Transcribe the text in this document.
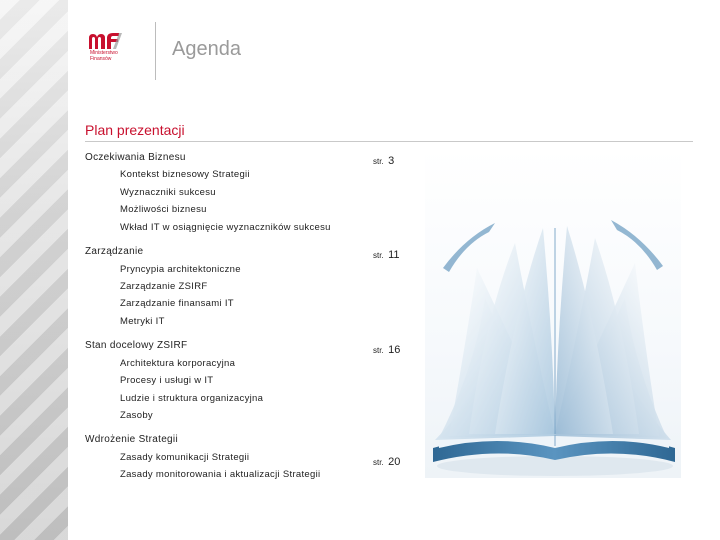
Ministerstwo Finansów	Agenda
Plan prezentacji
Oczekiwania Biznesu	str. 3
Kontekst biznesowy Strategii
Wyznaczniki sukcesu
Możliwości biznesu
Wkład IT w osiągnięcie wyznaczników sukcesu
Zarządzanie	str. 11
Pryncypia architektoniczne
Zarządzanie ZSIRF
Zarządzanie finansami IT
Metryki IT
Stan docelowy ZSIRF	str. 16
Architektura korporacyjna
Procesy i usługi w IT
Ludzie i struktura organizacyjna
Zasoby
Wdrożenie Strategii
Zasady komunikacji Strategii	str. 20
Zasady monitorowania i aktualizacji Strategii
